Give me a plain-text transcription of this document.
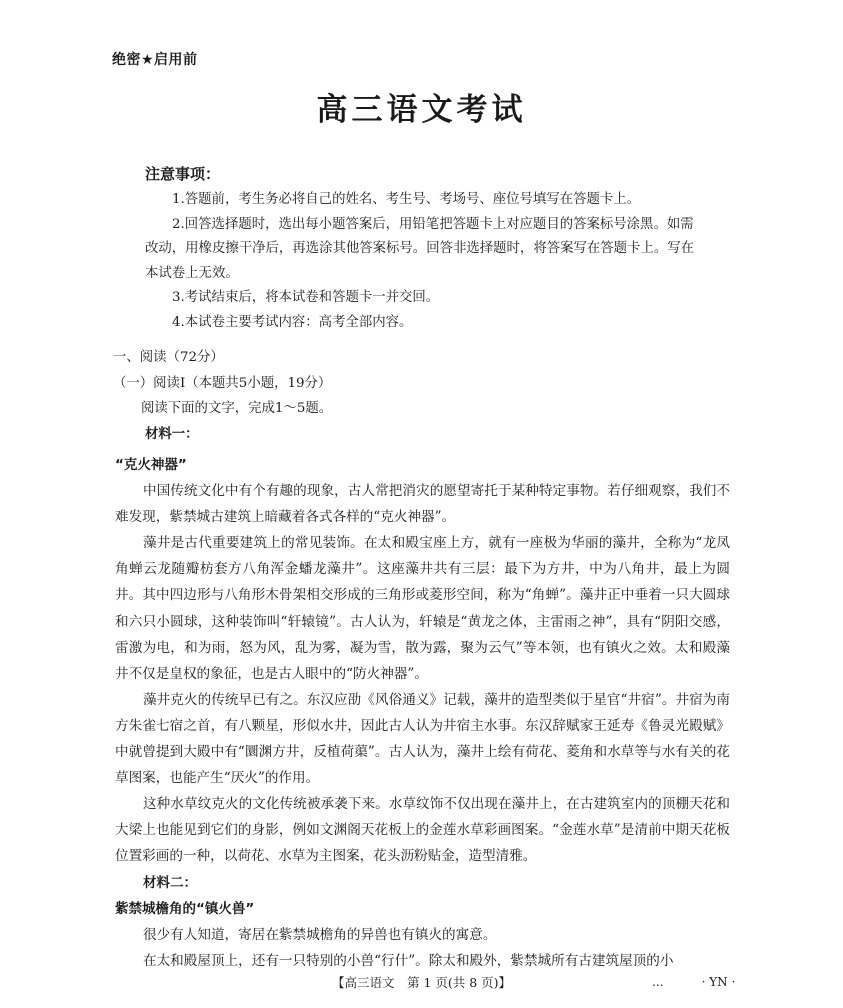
绝密★启用前
高三语文考试
注意事项：

1.答题前，考生务必将自己的姓名、考生号、考场号、座位号填写在答题卡上。

2.回答选择题时，选出每小题答案后，用铅笔把答题卡上对应题目的答案标号涂黑。如需改动，用橡皮擦干净后，再选涂其他答案标号。回答非选择题时，将答案写在答题卡上。写在本试卷上无效。

3.考试结束后，将本试卷和答题卡一并交回。

4.本试卷主要考试内容：高考全部内容。

一、阅读（72分）

（一）阅读Ⅰ（本题共5小题，19分）

阅读下面的文字，完成1～5题。

材料一：

“克火神器”

中国传统文化中有个有趣的现象，古人常把消灾的愿望寄托于某种特定事物。若仔细观察，我们不难发现，紫禁城古建筑上暗藏着各式各样的“克火神器”。

藻井是古代重要建筑上的常见装饰。在太和殿宝座上方，就有一座极为华丽的藻井，全称为“龙凤角蝉云龙随瓣枋套方八角浑金蟠龙藻井”。这座藻井共有三层：最下为方井，中为八角井，最上为圆井。其中四边形与八角形木骨架相交形成的三角形或菱形空间，称为“角蝉”。藻井正中垂着一只大圆球和六只小圆球，这种装饰叫“轩辕镜”。古人认为，轩辕是“黄龙之体，主雷雨之神”，具有“阴阳交感，雷激为电，和为雨，怒为风，乱为雾，凝为雪，散为露，聚为云气”等本领，也有镇火之效。太和殿藻井不仅是皇权的象征，也是古人眼中的“防火神器”。

藻井克火的传统早已有之。东汉应劭《风俗通义》记载，藻井的造型类似于星官“井宿”。井宿为南方朱雀七宿之首，有八颗星，形似水井，因此古人认为井宿主水事。东汉辞赋家王延寿《鲁灵光殿赋》中就曾提到大殿中有“圜渊方井，反植荷蕖”。古人认为，藻井上绘有荷花、菱角和水草等与水有关的花草图案，也能产生“厌火”的作用。

这种水草纹克火的文化传统被承袭下来。水草纹饰不仅出现在藻井上，在古建筑室内的顶棚天花和大梁上也能见到它们的身影，例如文渊阁天花板上的金莲水草彩画图案。“金莲水草”是清前中期天花板位置彩画的一种，以荷花、水草为主图案，花头沥粉贴金，造型清雅。

材料二：

紫禁城檐角的“镇火兽”

很少有人知道，寄居在紫禁城檐角的异兽也有镇火的寓意。

在太和殿屋顶上，还有一只特别的小兽“行什”。除太和殿外，紫禁城所有古建筑屋顶的小

【高三语文　第 1 页(共 8 页)】	...          · YN ·
